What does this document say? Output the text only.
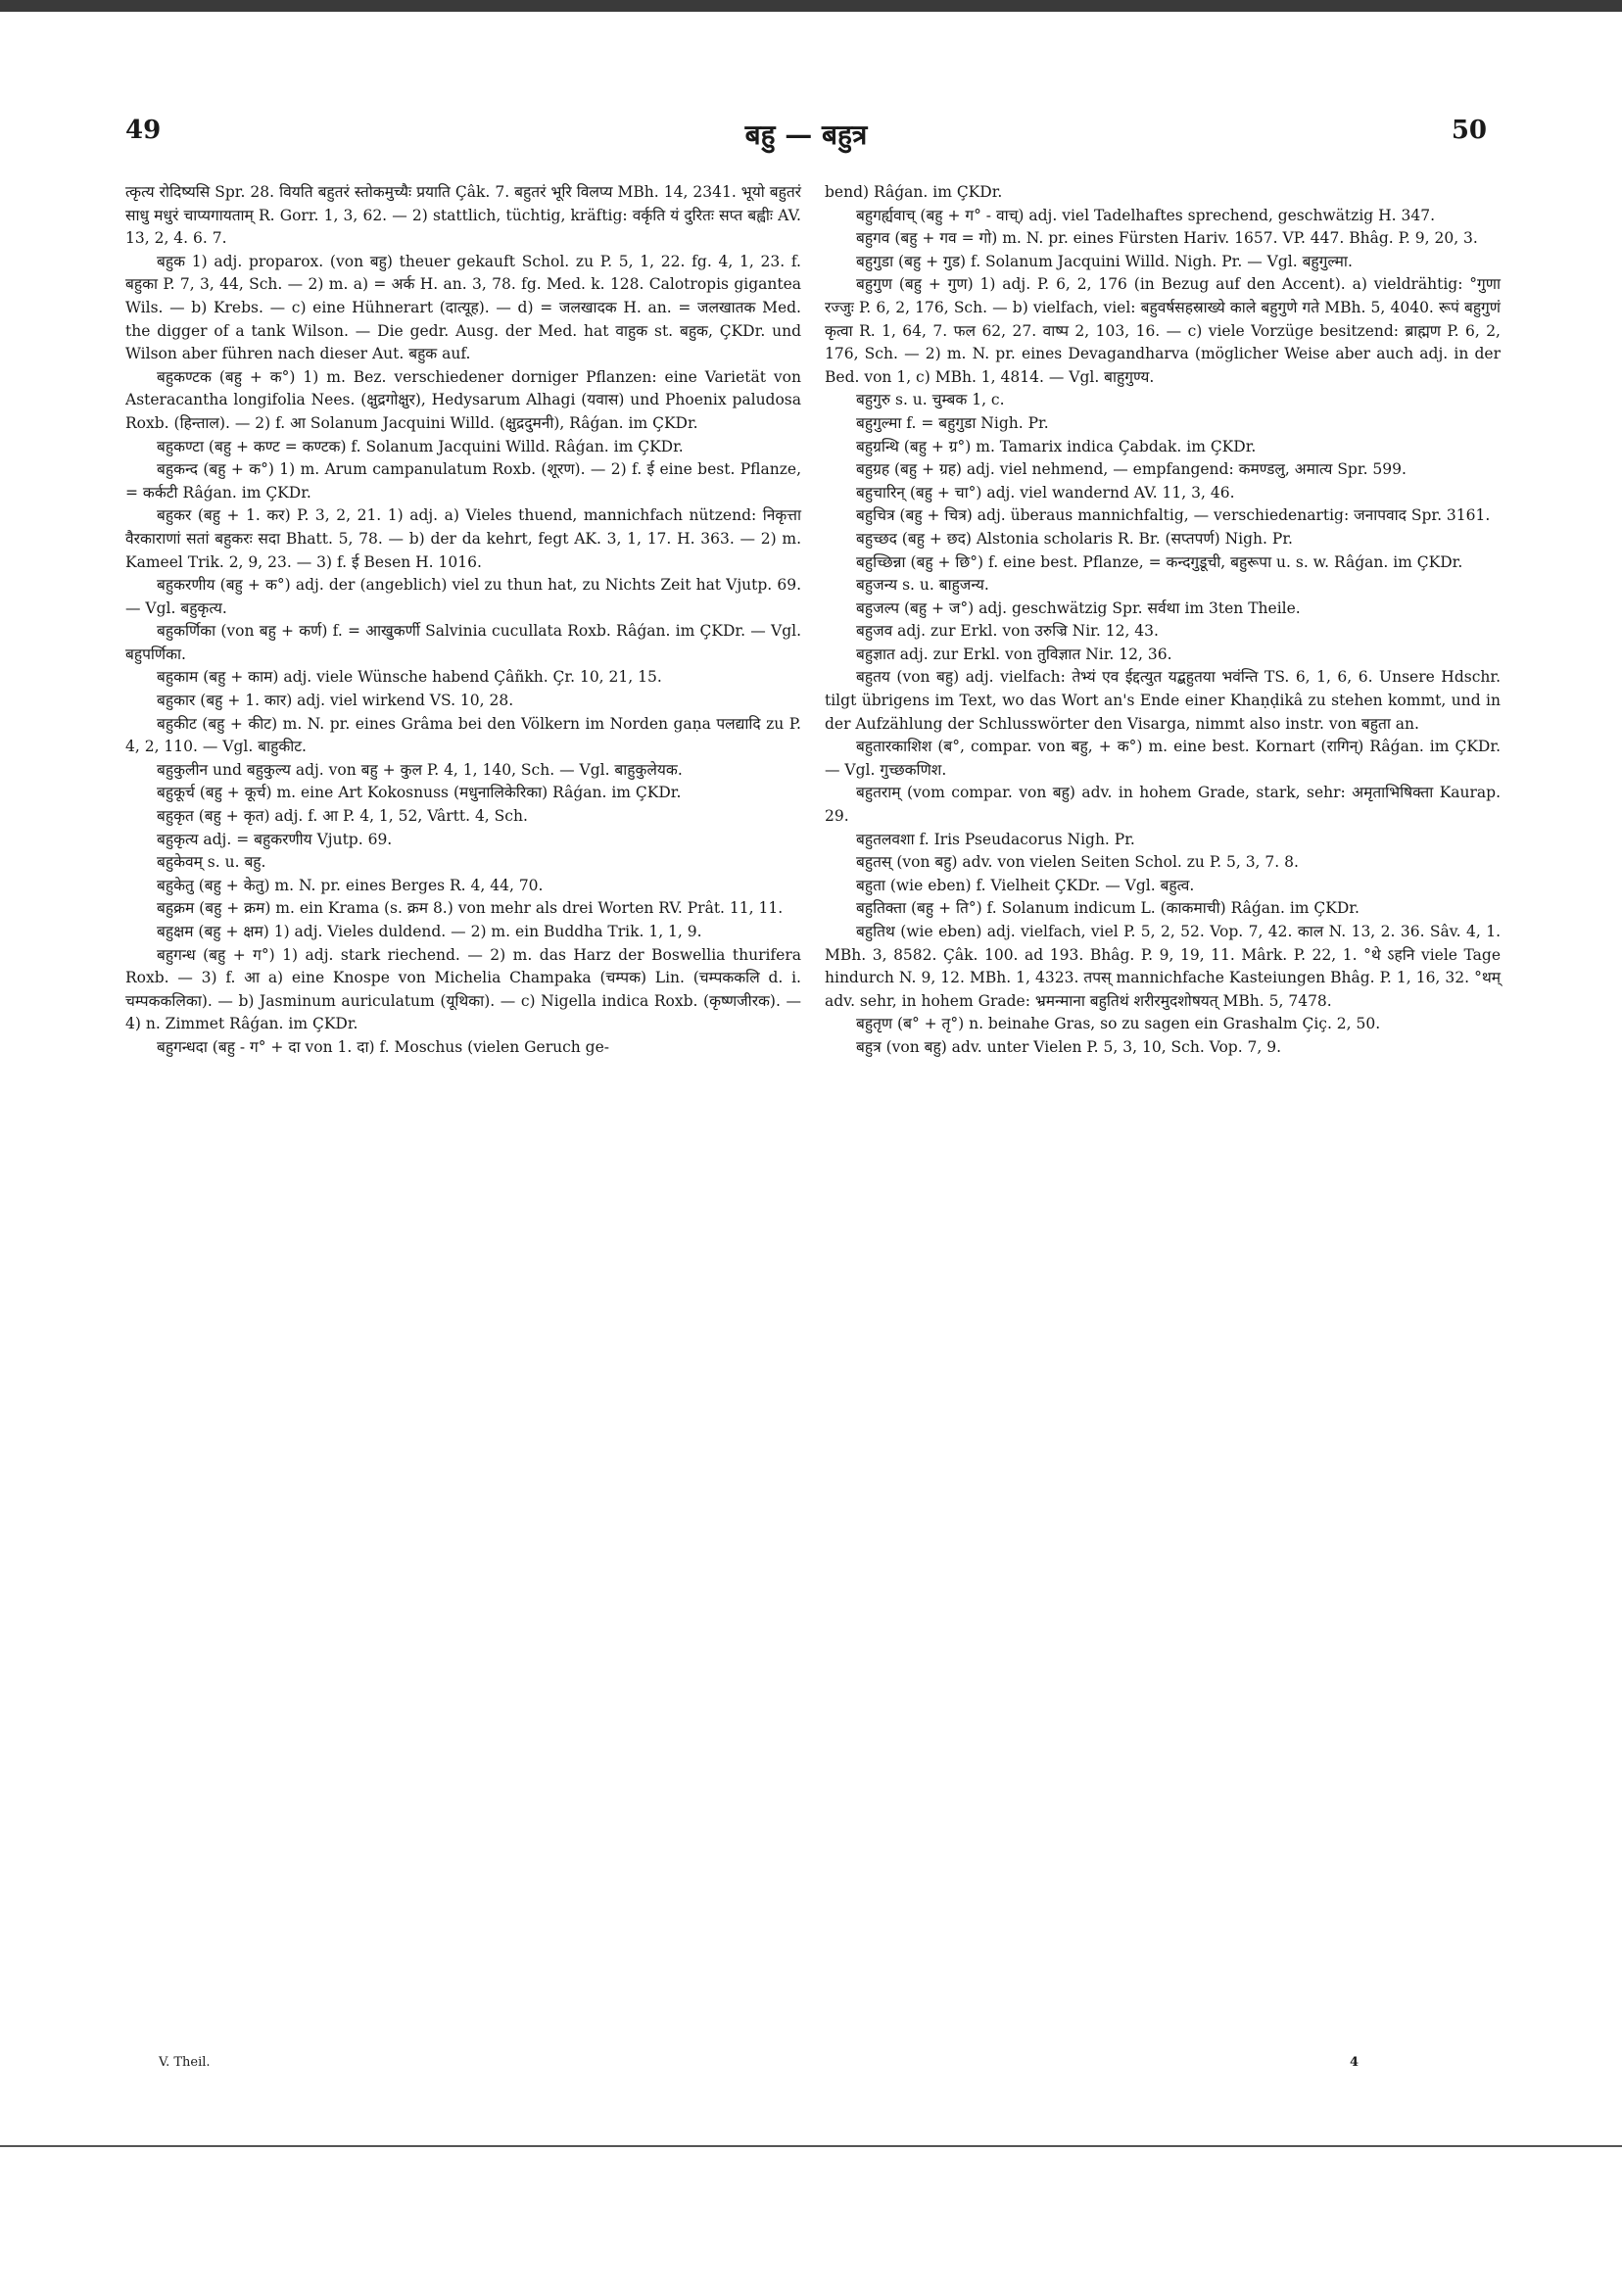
49	बहु — बहुत्र	50

त्कृत्य रोदिष्यसि Spr. 28. वियति बहुतरं स्तोकमुच्यैः प्रयाति Çâk. 7. बहुतरं भूरि विलप्य MBh. 14, 2341. भूयो बहुतरं साधु मधुरं चाप्यगायताम् R. Gorr. 1, 3, 62. — 2) stattlich, tüchtig, kräftig: वर्कृति यं दुरितः सप्त बह्वीः AV. 13, 2, 4. 6. 7.

बहुक 1) adj. proparox. (von बहु) theuer gekauft Schol. zu P. 5, 1, 22. fg. 4, 1, 23. f. बहुका P. 7, 3, 44, Sch. — 2) m. a) = अर्क H. an. 3, 78. fg. Med. k. 128. Calotropis gigantea Wils. — b) Krebs. — c) eine Hühnerart (दात्यूह). — d) = जलखादक H. an. = जलखातक Med. the digger of a tank Wilson. — Die gedr. Ausg. der Med. hat वाहुक st. बहुक, ÇKDr. und Wilson aber führen nach dieser Aut. बहुक auf.

बहुकण्टक (बहु + क°) 1) m. Bez. verschiedener dorniger Pflanzen: eine Varietät von Asteracantha longifolia Nees. (क्षुद्रगोक्षुर), Hedysarum Alhagi (यवास) und Phoenix paludosa Roxb. (हिन्ताल). — 2) f. आ Solanum Jacquini Willd. (क्षुद्रदुमनी), Râǵan. im ÇKDr.

बहुकण्टा (बहु + कण्ट = कण्टक) f. Solanum Jacquini Willd. Râǵan. im ÇKDr.

बहुकन्द (बहु + क°) 1) m. Arum campanulatum Roxb. (शूरण). — 2) f. ई eine best. Pflanze, = कर्कटी Râǵan. im ÇKDr.

बहुकर (बहु + 1. कर) P. 3, 2, 21. 1) adj. a) Vieles thuend, mannichfach nützend: निकृत्ता वैरकाराणां सतां बहुकरः सदा Bhatt. 5, 78. — b) der da kehrt, fegt AK. 3, 1, 17. H. 363. — 2) m. Kameel Trik. 2, 9, 23. — 3) f. ई Besen H. 1016.

बहुकरणीय (बहु + क°) adj. der (angeblich) viel zu thun hat, zu Nichts Zeit hat Vjutp. 69. — Vgl. बहुकृत्य.

बहुकर्णिका (von बहु + कर्ण) f. = आखुकर्णी Salvinia cucullata Roxb. Râǵan. im ÇKDr. — Vgl. बहुपर्णिका.

बहुकाम (बहु + काम) adj. viele Wünsche habend Çâñkh. Çr. 10, 21, 15.

बहुकार (बहु + 1. कार) adj. viel wirkend VS. 10, 28.

बहुकीट (बहु + कीट) m. N. pr. eines Grâma bei den Völkern im Norden gaṇa पलद्यादि zu P. 4, 2, 110. — Vgl. बाहुकीट.

बहुकुलीन und बहुकुल्य adj. von बहु + कुल P. 4, 1, 140, Sch. — Vgl. बाहुकुलेयक.

बहुकूर्च (बहु + कूर्च) m. eine Art Kokosnuss (मधुनालिकेरिका) Râǵan. im ÇKDr.

बहुकृत (बहु + कृत) adj. f. आ P. 4, 1, 52, Vârtt. 4, Sch.

बहुकृत्य adj. = बहुकरणीय Vjutp. 69.

बहुकेवम् s. u. बहु.

बहुकेतु (बहु + केतु) m. N. pr. eines Berges R. 4, 44, 70.

बहुक्रम (बहु + क्रम) m. ein Krama (s. क्रम 8.) von mehr als drei Worten RV. Prât. 11, 11.

बहुक्षम (बहु + क्षम) 1) adj. Vieles duldend. — 2) m. ein Buddha Trik. 1, 1, 9.

बहुगन्ध (बहु + ग°) 1) adj. stark riechend. — 2) m. das Harz der Boswellia thurifera Roxb. — 3) f. आ a) eine Knospe von Michelia Champaka (चम्पक) Lin. (चम्पककलि d. i. चम्पककलिका). — b) Jasminum auriculatum (यूथिका). — c) Nigella indica Roxb. (कृष्णजीरक). — 4) n. Zimmet Râǵan. im ÇKDr.

बहुगन्धदा (बहु - ग° + दा von 1. दा) f. Moschus (vielen Geruch ge-

bend) Râǵan. im ÇKDr.

बहुगर्ह्यवाच् (बहु + ग° - वाच्) adj. viel Tadelhaftes sprechend, geschwätzig H. 347.

बहुगव (बहु + गव = गो) m. N. pr. eines Fürsten Hariv. 1657. VP. 447. Bhâg. P. 9, 20, 3.

बहुगुडा (बहु + गुड) f. Solanum Jacquini Willd. Nigh. Pr. — Vgl. बहुगुल्मा.

बहुगुण (बहु + गुण) 1) adj. P. 6, 2, 176 (in Bezug auf den Accent). a) vieldrähtig: °गुणा रज्जुः P. 6, 2, 176, Sch. — b) vielfach, viel: बहुवर्षसहस्राख्ये काले बहुगुणे गते MBh. 5, 4040. रूपं बहुगुणं कृत्वा R. 1, 64, 7. फल 62, 27. वाष्प 2, 103, 16. — c) viele Vorzüge besitzend: ब्राह्मण P. 6, 2, 176, Sch. — 2) m. N. pr. eines Devagandharva (möglicher Weise aber auch adj. in der Bed. von 1, c) MBh. 1, 4814. — Vgl. बाहुगुण्य.

बहुगुरु s. u. चुम्बक 1, c.

बहुगुल्मा f. = बहुगुडा Nigh. Pr.

बहुग्रन्थि (बहु + ग्र°) m. Tamarix indica Çabdak. im ÇKDr.

बहुग्रह (बहु + ग्रह) adj. viel nehmend, — empfangend: कमण्डलु, अमात्य Spr. 599.

बहुचारिन् (बहु + चा°) adj. viel wandernd AV. 11, 3, 46.

बहुचित्र (बहु + चित्र) adj. überaus mannichfaltig, — verschiedenartig: जनापवाद Spr. 3161.

बहुच्छद (बहु + छद) Alstonia scholaris R. Br. (सप्तपर्ण) Nigh. Pr.

बहुच्छिन्ना (बहु + छि°) f. eine best. Pflanze, = कन्दगुडूची, बहुरूपा u. s. w. Râǵan. im ÇKDr.

बहुजन्य s. u. बाहुजन्य.

बहुजल्प (बहु + ज°) adj. geschwätzig Spr. सर्वथा im 3ten Theile.

बहुजव adj. zur Erkl. von उरुज्रि Nir. 12, 43.

बहुज्ञात adj. zur Erkl. von तुविज्ञात Nir. 12, 36.

बहुतय (von बहु) adj. vielfach: तेभ्यं एव ईद्दत्युत यद्बहुतया भवंन्ति TS. 6, 1, 6, 6. Unsere Hdschr. tilgt übrigens im Text, wo das Wort an's Ende einer Khaṇḍikâ zu stehen kommt, und in der Aufzählung der Schlusswörter den Visarga, nimmt also instr. von बहुता an.

बहुतारकाशिश (ब°, compar. von बहु, + क°) m. eine best. Kornart (रागिन्) Râǵan. im ÇKDr. — Vgl. गुच्छकणिश.

बहुतराम् (vom compar. von बहु) adv. in hohem Grade, stark, sehr: अमृताभिषिक्ता Kaurap. 29.

बहुतलवशा f. Iris Pseudacorus Nigh. Pr.

बहुतस् (von बहु) adv. von vielen Seiten Schol. zu P. 5, 3, 7. 8.

बहुता (wie eben) f. Vielheit ÇKDr. — Vgl. बहुत्व.

बहुतिक्ता (बहु + ति°) f. Solanum indicum L. (काकमाची) Râǵan. im ÇKDr.

बहुतिथ (wie eben) adj. vielfach, viel P. 5, 2, 52. Vop. 7, 42. काल N. 13, 2. 36. Sâv. 4, 1. MBh. 3, 8582. Çâk. 100. ad 193. Bhâg. P. 9, 19, 11. Mârk. P. 22, 1. °थे ऽहनि viele Tage hindurch N. 9, 12. MBh. 1, 4323. तपस् mannichfache Kasteiungen Bhâg. P. 1, 16, 32. °थम् adv. sehr, in hohem Grade: भ्रमन्माना बहुतिथं शरीरमुदशोषयत् MBh. 5, 7478.

बहुतृण (ब° + तृ°) n. beinahe Gras, so zu sagen ein Grashalm Çiç. 2, 50.

बहुत्र (von बहु) adv. unter Vielen P. 5, 3, 10, Sch. Vop. 7, 9.

V. Theil.	4
